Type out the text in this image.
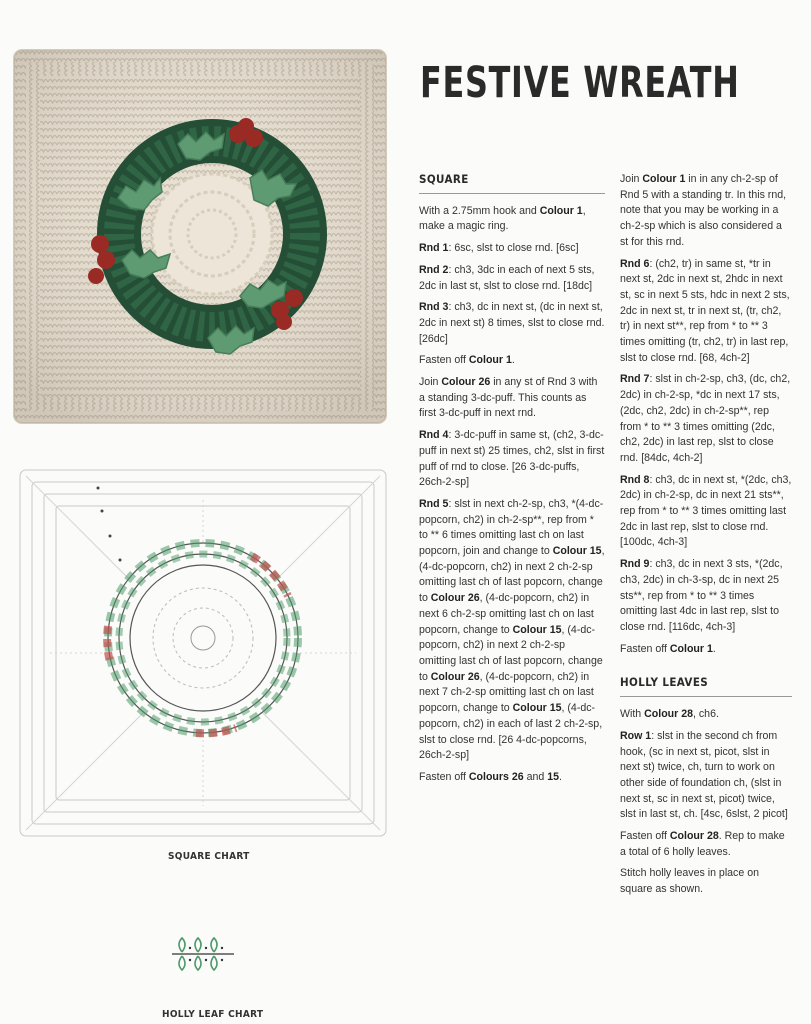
SQUARE CHART
HOLLY LEAF CHART
FESTIVE WREATH
SQUARE

With a 2.75mm hook and Colour 1, make a magic ring.

Rnd 1: 6sc, slst to close rnd. [6sc]

Rnd 2: ch3, 3dc in each of next 5 sts, 2dc in last st, slst to close rnd. [18dc]

Rnd 3: ch3, dc in next st, (dc in next st, 2dc in next st) 8 times, slst to close rnd. [26dc]

Fasten off Colour 1.

Join Colour 26 in any st of Rnd 3 with a standing 3-dc-puff. This counts as first 3-dc-puff in next rnd.

Rnd 4: 3-dc-puff in same st, (ch2, 3-dc-puff in next st) 25 times, ch2, slst in first puff of rnd to close. [26 3-dc-puffs, 26ch-2-sp]

Rnd 5: slst in next ch-2-sp, ch3, *(4-dc-popcorn, ch2) in ch-2-sp**, rep from * to ** 6 times omitting last ch on last popcorn, join and change to Colour 15, (4-dc-popcorn, ch2) in next 2 ch-2-sp omitting last ch of last popcorn, change to Colour 26, (4-dc-popcorn, ch2) in next 6 ch-2-sp omitting last ch on last popcorn, change to Colour 15, (4-dc-popcorn, ch2) in next 2 ch-2-sp omitting last ch of last popcorn, change to Colour 26, (4-dc-popcorn, ch2) in next 7 ch-2-sp omitting last ch on last popcorn, change to Colour 15, (4-dc-popcorn, ch2) in each of last 2 ch-2-sp, slst to close rnd. [26 4-dc-popcorns, 26ch-2-sp]

Fasten off Colours 26 and 15.

Join Colour 1 in in any ch-2-sp of Rnd 5 with a standing tr. In this rnd, note that you may be working in a ch-2-sp which is also considered a st for this rnd.

Rnd 6: (ch2, tr) in same st, *tr in next st, 2dc in next st, 2hdc in next st, sc in next 5 sts, hdc in next 2 sts, 2dc in next st, tr in next st, (tr, ch2, tr) in next st**, rep from * to ** 3 times omitting (tr, ch2, tr) in last rep, slst to close rnd. [68, 4ch-2]

Rnd 7: slst in ch-2-sp, ch3, (dc, ch2, 2dc) in ch-2-sp, *dc in next 17 sts, (2dc, ch2, 2dc) in ch-2-sp**, rep from * to ** 3 times omitting (2dc, ch2, 2dc) in last rep, slst to close rnd. [84dc, 4ch-2]

Rnd 8: ch3, dc in next st, *(2dc, ch3, 2dc) in ch-2-sp, dc in next 21 sts**, rep from * to ** 3 times omitting last 2dc in last rep, slst to close rnd. [100dc, 4ch-3]

Rnd 9: ch3, dc in next 3 sts, *(2dc, ch3, 2dc) in ch-3-sp, dc in next 25 sts**, rep from * to ** 3 times omitting last 4dc in last rep, slst to close rnd. [116dc, 4ch-3]

Fasten off Colour 1.

HOLLY LEAVES

With Colour 28, ch6.

Row 1: slst in the second ch from hook, (sc in next st, picot, slst in next st) twice, ch, turn to work on other side of foundation ch, (slst in next st, sc in next st, picot) twice, slst in last st, ch. [4sc, 6slst, 2 picot]

Fasten off Colour 28. Rep to make a total of 6 holly leaves.

Stitch holly leaves in place on square as shown.
